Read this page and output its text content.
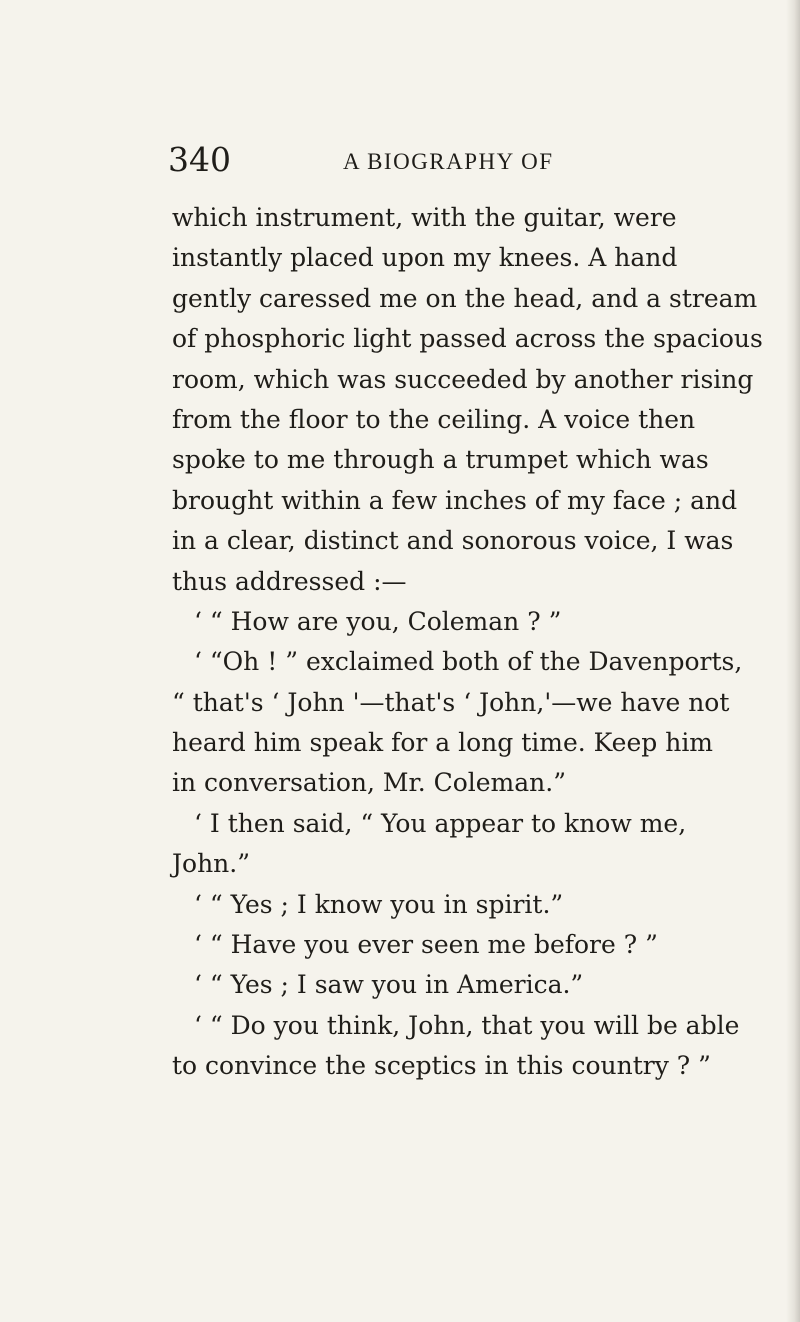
340	A BIOGRAPHY OF
which instrument, with the guitar, were
instantly placed upon my knees. A hand
gently caressed me on the head, and a stream
of phosphoric light passed across the spacious
room, which was succeeded by another rising
from the floor to the ceiling. A voice then
spoke to me through a trumpet which was
brought within a few inches of my face ; and
in a clear, distinct and sonorous voice, I was
thus addressed :—
‘ “ How are you, Coleman ? ”
‘ “Oh ! ” exclaimed both of the Davenports,
“ that's ‘ John '—that's ‘ John,'—we have not
heard him speak for a long time. Keep him
in conversation, Mr. Coleman.”
‘ I then said, “ You appear to know me,
John.”
‘ “ Yes ; I know you in spirit.”
‘ “ Have you ever seen me before ? ”
‘ “ Yes ; I saw you in America.”
‘ “ Do you think, John, that you will be able
to convince the sceptics in this country ? ”
